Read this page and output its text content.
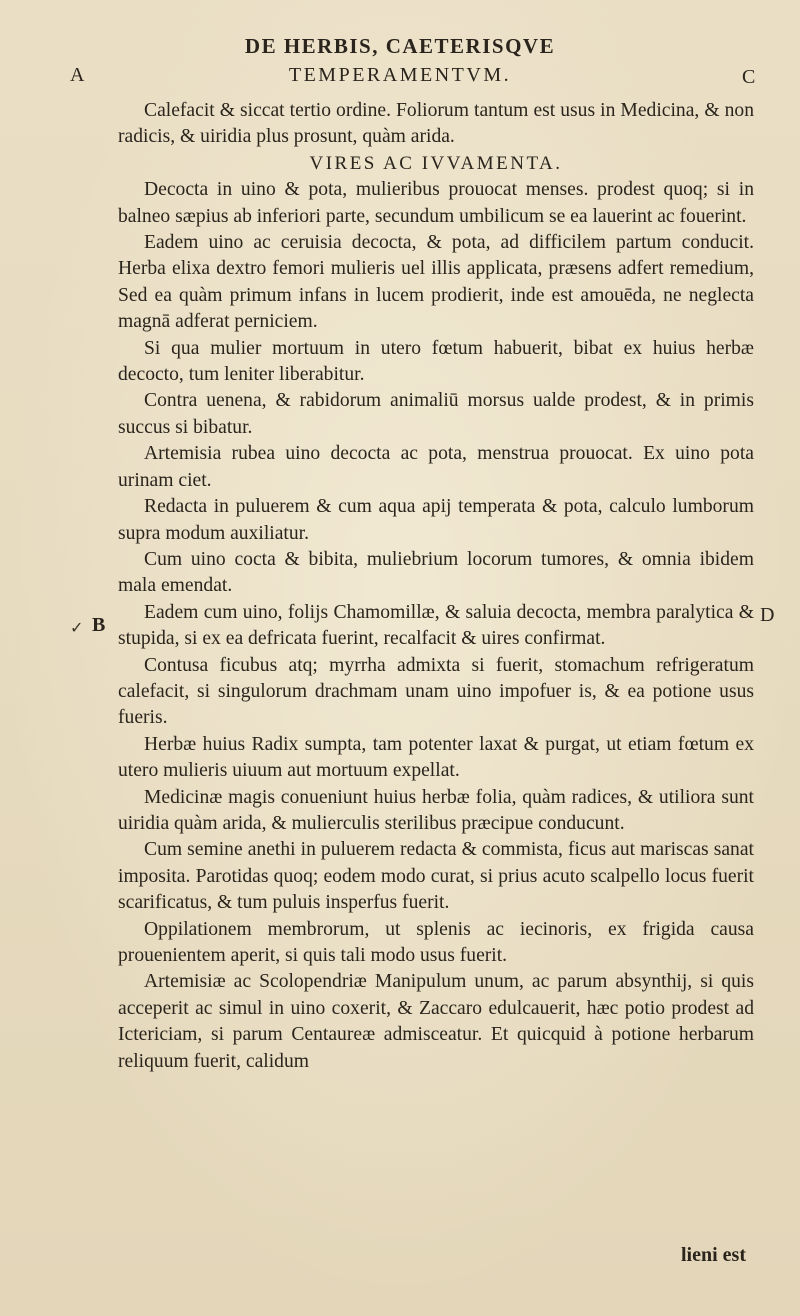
DE HERBIS, CAETERISQVE
TEMPERAMENTVM.
A	C
B	D
✓

Calefacit & siccat tertio ordine. Foliorum tantum est usus in Medicina, & non radicis, & uiridia plus prosunt, quàm arida.

VIRES AC IVVAMENTA.

Decocta in uino & pota, mulieribus prouocat menses. prodest quoq; si in balneo sæpius ab inferiori parte, secundum umbilicum se ea lauerint ac fouerint.

Eadem uino ac ceruisia decocta, & pota, ad difficilem partum conducit. Herba elixa dextro femori mulieris uel illis applicata, præsens adfert remedium, Sed ea quàm primum infans in lucem prodierit, inde est amouēda, ne neglecta magnā adferat perniciem.

Si qua mulier mortuum in utero fœtum habuerit, bibat ex huius herbæ decocto, tum leniter liberabitur.

Contra uenena, & rabidorum animaliū morsus ualde prodest, & in primis succus si bibatur.

Artemisia rubea uino decocta ac pota, menstrua prouocat. Ex uino pota urinam ciet.

Redacta in puluerem & cum aqua apij temperata & pota, calculo lumborum supra modum auxiliatur.

Cum uino cocta & bibita, muliebrium locorum tumores, & omnia ibidem mala emendat.

Eadem cum uino, folijs Chamomillæ, & saluia decocta, membra paralytica & stupida, si ex ea defricata fuerint, recalfacit & uires confirmat.

Contusa ficubus atq; myrrha admixta si fuerit, stomachum refrigeratum calefacit, si singulorum drachmam unam uino impofuer is, & ea potione usus fueris.

Herbæ huius Radix sumpta, tam potenter laxat & purgat, ut etiam fœtum ex utero mulieris uiuum aut mortuum expellat.

Medicinæ magis conueniunt huius herbæ folia, quàm radices, & utiliora sunt uiridia quàm arida, & mulierculis sterilibus præcipue conducunt.

Cum semine anethi in puluerem redacta & commista, ficus aut mariscas sanat imposita. Parotidas quoq; eodem modo curat, si prius acuto scalpello locus fuerit scarificatus, & tum puluis insperfus fuerit.

Oppilationem membrorum, ut splenis ac iecinoris, ex frigida causa prouenientem aperit, si quis tali modo usus fuerit.

Artemisiæ ac Scolopendriæ Manipulum unum, ac parum absynthij, si quis acceperit ac simul in uino coxerit, & Zaccaro edulcauerit, hæc potio prodest ad Ictericiam, si parum Centaureæ admisceatur. Et quicquid à potione herbarum reliquum fuerit, calidum

lieni est
